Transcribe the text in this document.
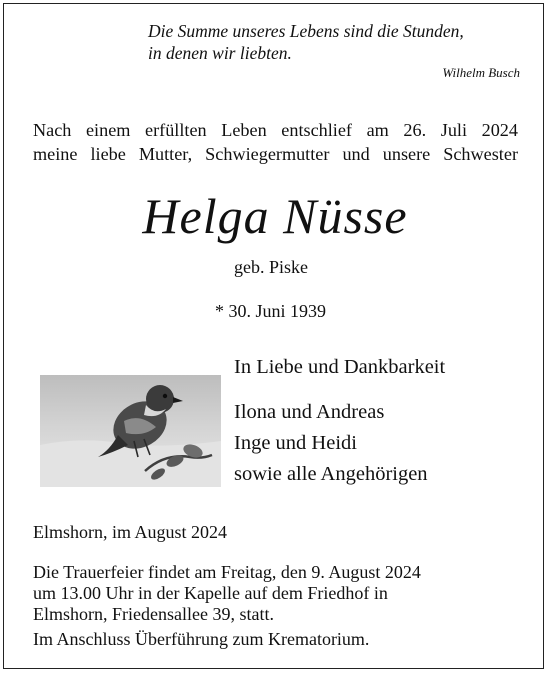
Die Summe unseres Lebens sind die Stunden,
in denen wir liebten.
Wilhelm Busch
Nach einem erfüllten Leben entschlief am 26. Juli 2024
meine liebe Mutter, Schwiegermutter und unsere Schwester
Helga Nüsse
geb. Piske
* 30. Juni 1939
In Liebe und Dankbarkeit
Ilona und Andreas
Inge und Heidi
sowie alle Angehörigen
Elmshorn, im August 2024
Die Trauerfeier findet am Freitag, den 9. August 2024
um 13.00 Uhr in der Kapelle auf dem Friedhof in
Elmshorn, Friedensallee 39, statt.
Im Anschluss Überführung zum Krematorium.
